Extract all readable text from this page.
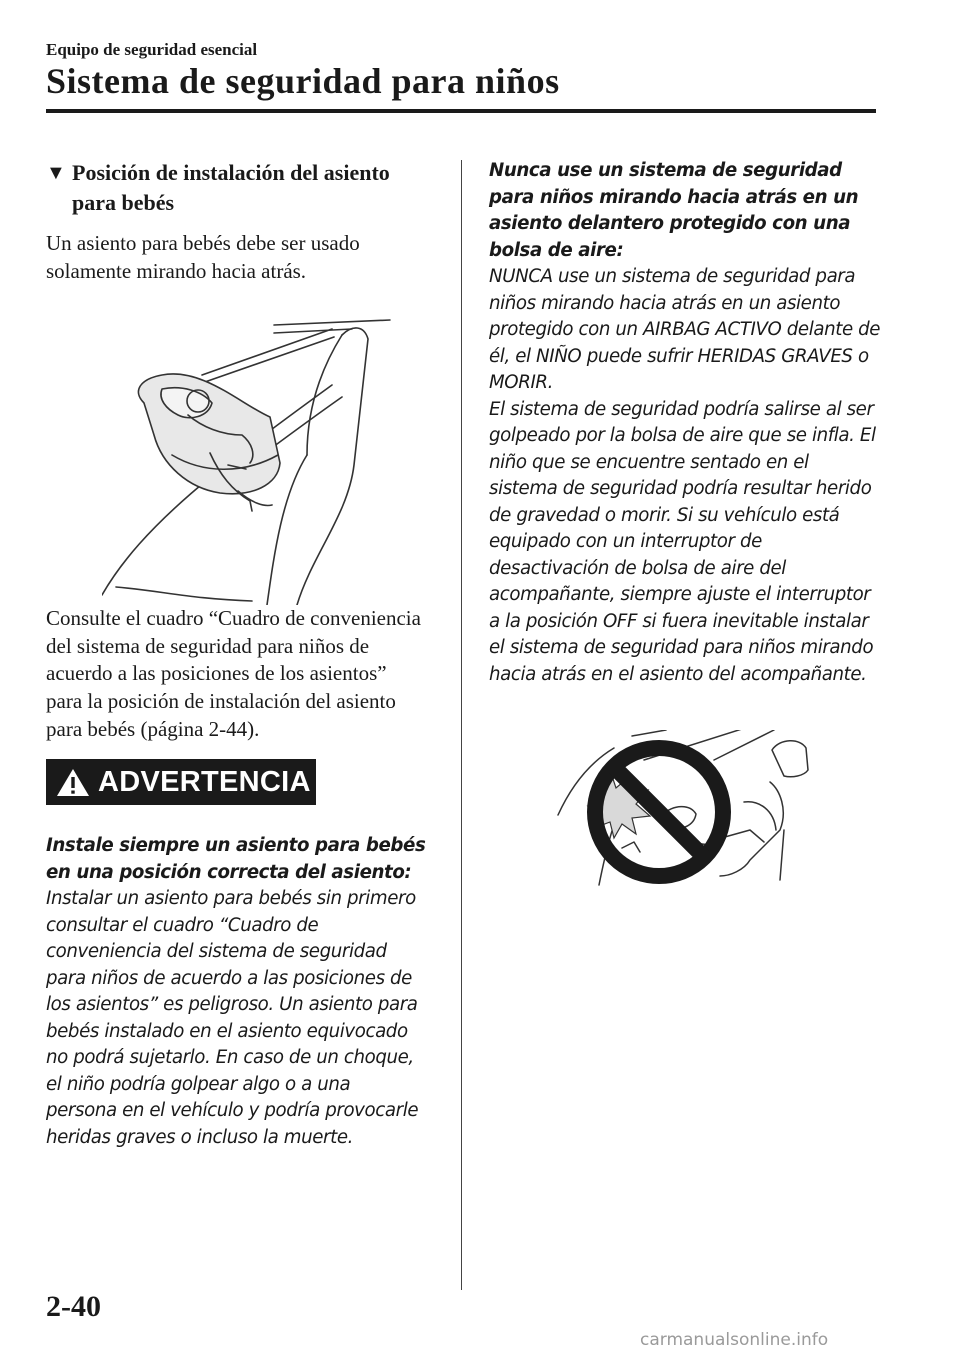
Equipo de seguridad esencial
Sistema de seguridad para niños
▼ Posición de instalación del asiento para bebés
Un asiento para bebés debe ser usado solamente mirando hacia atrás.
Consulte el cuadro “Cuadro de conveniencia del sistema de seguridad para niños de acuerdo a las posiciones de los asientos” para la posición de instalación del asiento para bebés (página 2-44).
ADVERTENCIA
Instale siempre un asiento para bebés en una posición correcta del asiento:
Instalar un asiento para bebés sin primero consultar el cuadro “Cuadro de conveniencia del sistema de seguridad para niños de acuerdo a las posiciones de los asientos” es peligroso. Un asiento para bebés instalado en el asiento equivocado no podrá sujetarlo. En caso de un choque, el niño podría golpear algo o a una persona en el vehículo y podría provocarle heridas graves o incluso la muerte.
Nunca use un sistema de seguridad para niños mirando hacia atrás en un asiento delantero protegido con una bolsa de aire:
NUNCA use un sistema de seguridad para niños mirando hacia atrás en un asiento protegido con un AIRBAG ACTIVO delante de él, el NIÑO puede sufrir HERIDAS GRAVES o MORIR.
El sistema de seguridad podría salirse al ser golpeado por la bolsa de aire que se infla. El niño que se encuentre sentado en el sistema de seguridad podría resultar herido de gravedad o morir. Si su vehículo está equipado con un interruptor de desactivación de bolsa de aire del acompañante, siempre ajuste el interruptor a la posición OFF si fuera inevitable instalar el sistema de seguridad para niños mirando hacia atrás en el asiento del acompañante.
2-40
carmanualsonline.info
